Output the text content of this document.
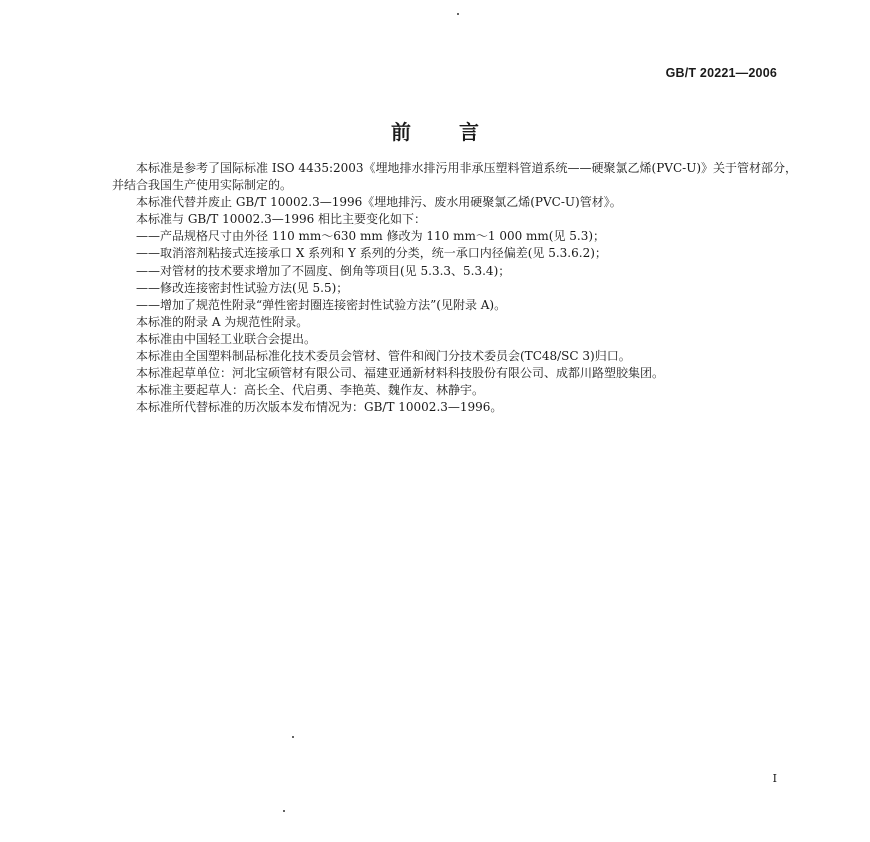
GB/T 20221—2006
前言

本标准是参考了国际标准 ISO 4435:2003《埋地排水排污用非承压塑料管道系统——硬聚氯乙烯(PVC-U)》关于管材部分，并结合我国生产使用实际制定的。

本标准代替并废止 GB/T 10002.3—1996《埋地排污、废水用硬聚氯乙烯(PVC-U)管材》。

本标准与 GB/T 10002.3—1996 相比主要变化如下：

——产品规格尺寸由外径 110 mm～630 mm 修改为 110 mm～1 000 mm(见 5.3)；

——取消溶剂粘接式连接承口 X 系列和 Y 系列的分类，统一承口内径偏差(见 5.3.6.2)；

——对管材的技术要求增加了不圆度、倒角等项目(见 5.3.3、5.3.4)；

——修改连接密封性试验方法(见 5.5)；

——增加了规范性附录“弹性密封圈连接密封性试验方法”(见附录 A)。

本标准的附录 A 为规范性附录。

本标准由中国轻工业联合会提出。

本标准由全国塑料制品标准化技术委员会管材、管件和阀门分技术委员会(TC48/SC 3)归口。

本标准起草单位：河北宝硕管材有限公司、福建亚通新材料科技股份有限公司、成都川路塑胶集团。

本标准主要起草人：高长全、代启勇、李艳英、魏作友、林静宇。

本标准所代替标准的历次版本发布情况为：GB/T 10002.3—1996。

I
